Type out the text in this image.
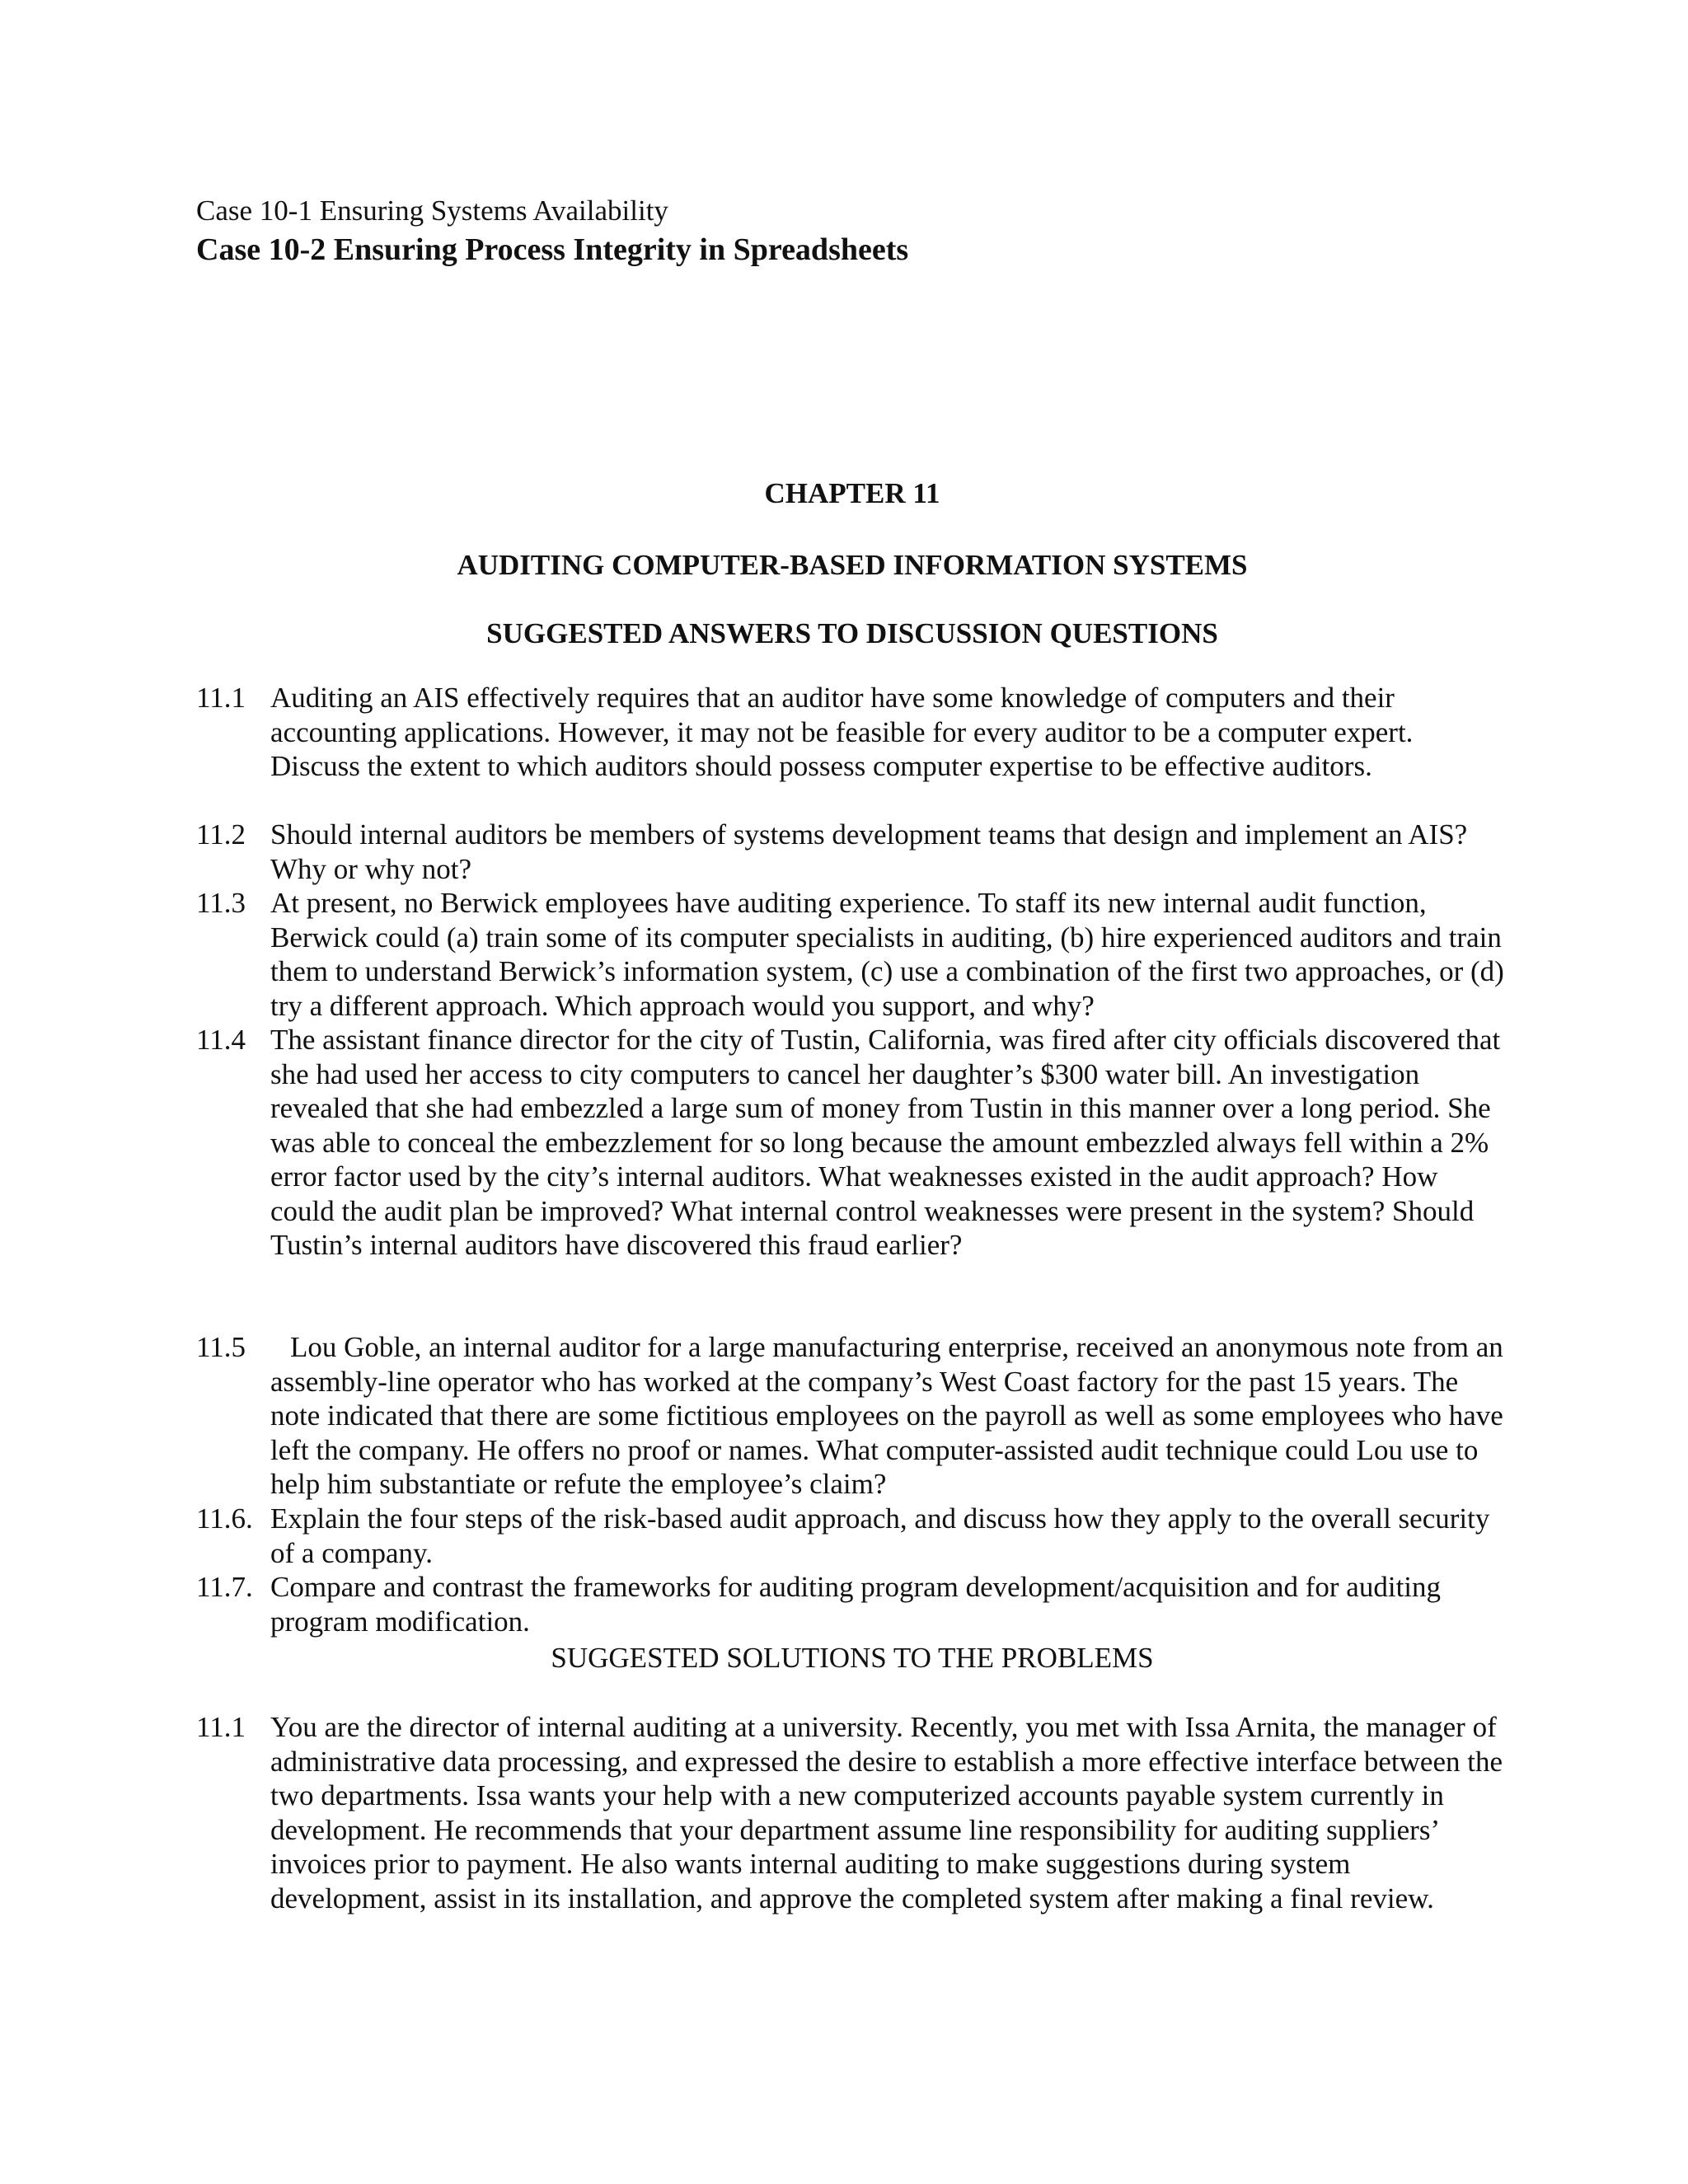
Case 10-1 Ensuring Systems Availability
Case 10-2 Ensuring Process Integrity in Spreadsheets
CHAPTER 11
AUDITING COMPUTER-BASED INFORMATION SYSTEMS
SUGGESTED ANSWERS TO DISCUSSION QUESTIONS
11.1 Auditing an AIS effectively requires that an auditor have some knowledge of computers and their accounting applications. However, it may not be feasible for every auditor to be a computer expert. Discuss the extent to which auditors should possess computer expertise to be effective auditors.
11.2 Should internal auditors be members of systems development teams that design and implement an AIS? Why or why not?
11.3 At present, no Berwick employees have auditing experience. To staff its new internal audit function, Berwick could (a) train some of its computer specialists in auditing, (b) hire experienced auditors and train them to understand Berwick’s information system, (c) use a combination of the first two approaches, or (d) try a different approach. Which approach would you support, and why?
11.4 The assistant finance director for the city of Tustin, California, was fired after city officials discovered that she had used her access to city computers to cancel her daughter’s $300 water bill. An investigation revealed that she had embezzled a large sum of money from Tustin in this manner over a long period. She was able to conceal the embezzlement for so long because the amount embezzled always fell within a 2% error factor used by the city’s internal auditors. What weaknesses existed in the audit approach? How could the audit plan be improved? What internal control weaknesses were present in the system? Should Tustin’s internal auditors have discovered this fraud earlier?
11.5	Lou Goble, an internal auditor for a large manufacturing enterprise, received an anonymous note from an assembly-line operator who has worked at the company’s West Coast factory for the past 15 years. The note indicated that there are some fictitious employees on the payroll as well as some employees who have left the company. He offers no proof or names. What computer-assisted audit technique could Lou use to help him substantiate or refute the employee’s claim?
11.6. Explain the four steps of the risk-based audit approach, and discuss how they apply to the overall security of a company.
11.7. Compare and contrast the frameworks for auditing program development/acquisition and for auditing program modification.
SUGGESTED SOLUTIONS TO THE PROBLEMS
11.1 You are the director of internal auditing at a university. Recently, you met with Issa Arnita, the manager of administrative data processing, and expressed the desire to establish a more effective interface between the two departments. Issa wants your help with a new computerized accounts payable system currently in development. He recommends that your department assume line responsibility for auditing suppliers’ invoices prior to payment. He also wants internal auditing to make suggestions during system development, assist in its installation, and approve the completed system after making a final review.
